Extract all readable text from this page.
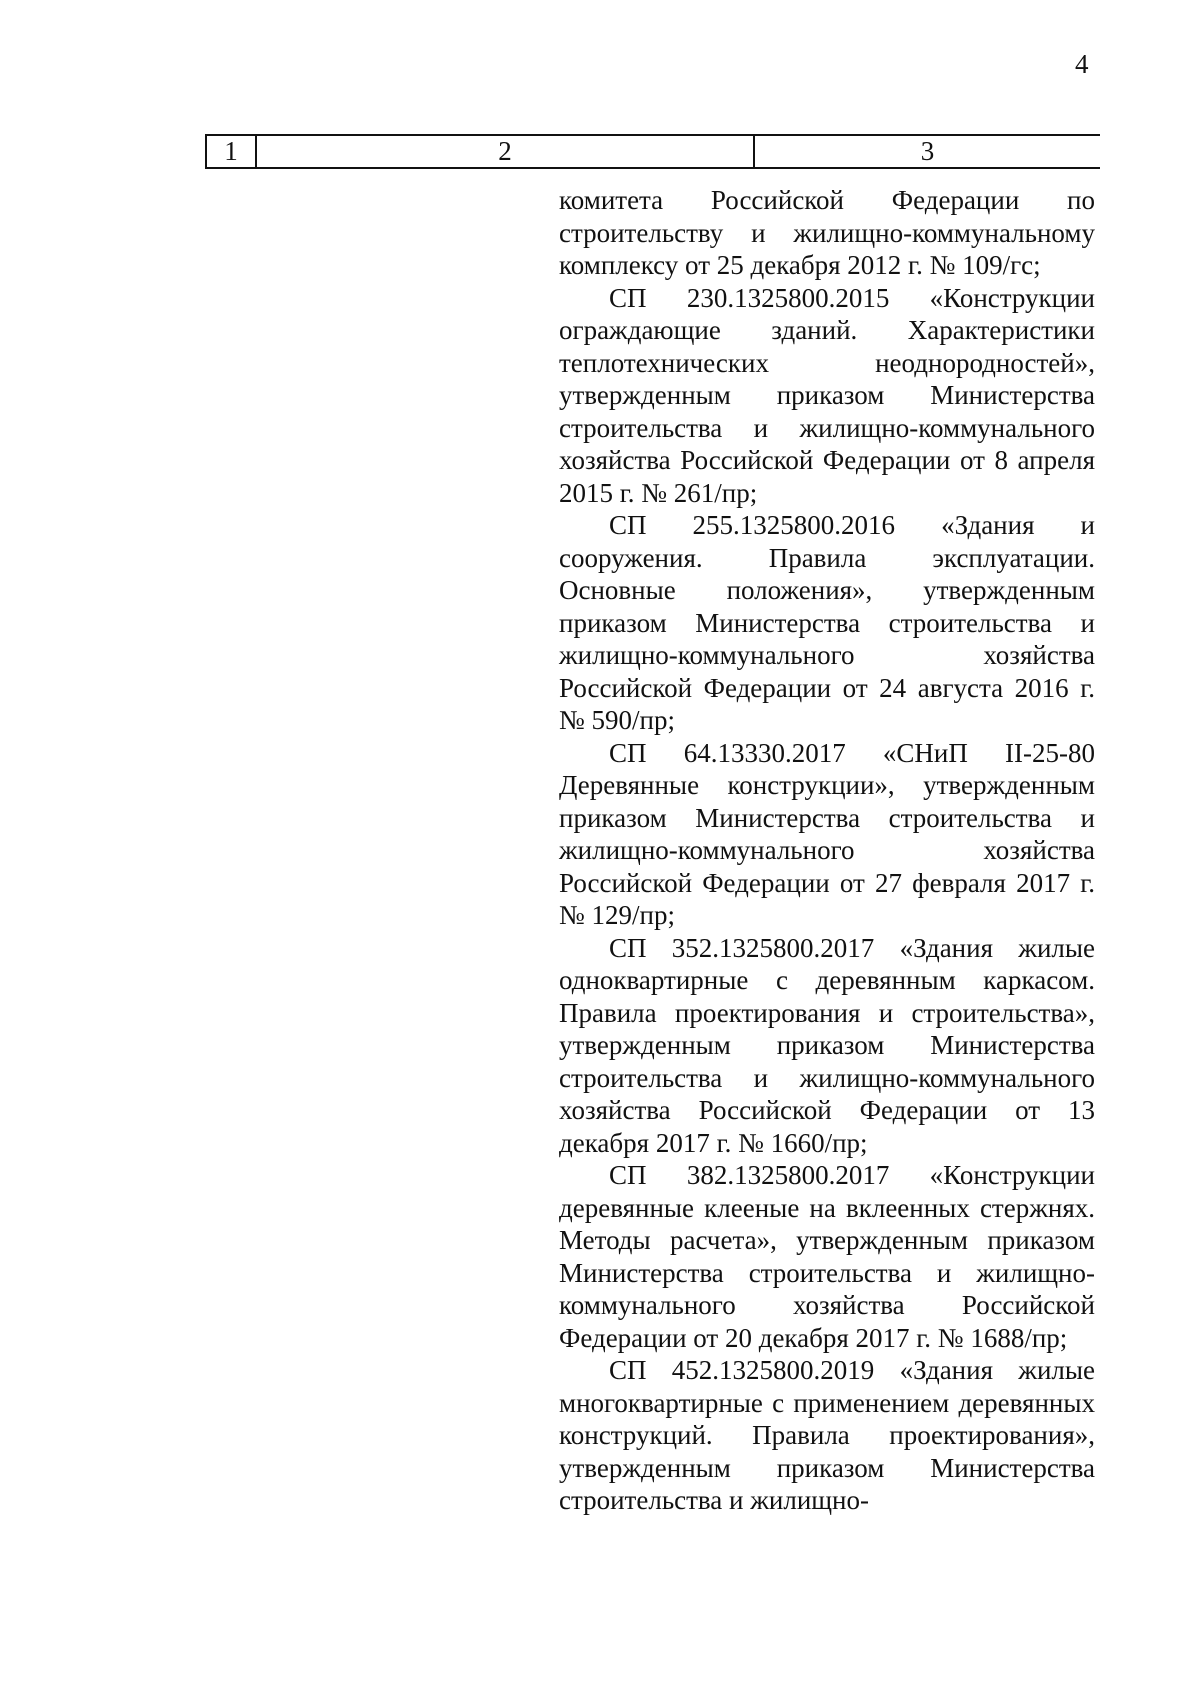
4
1	2	3

комитета Российской Федерации по строительству и жилищно-коммунальному комплексу от 25 декабря 2012 г. № 109/гс;

СП 230.1325800.2015 «Конструкции ограждающие зданий. Характеристики теплотехнических неоднородностей», утвержденным приказом Министерства строительства и жилищно-коммунального хозяйства Российской Федерации от 8 апреля 2015 г. № 261/пр;

СП 255.1325800.2016 «Здания и сооружения. Правила эксплуатации. Основные положения», утвержденным приказом Министерства строительства и жилищно-коммунального хозяйства Российской Федерации от 24 августа 2016 г. № 590/пр;

СП 64.13330.2017 «СНиП II-25-80 Деревянные конструкции», утвержденным приказом Министерства строительства и жилищно-коммунального хозяйства Российской Федерации от 27 февраля 2017 г. № 129/пр;

СП 352.1325800.2017 «Здания жилые одноквартирные с деревянным каркасом. Правила проектирования и строительства», утвержденным приказом Министерства строительства и жилищно-коммунального хозяйства Российской Федерации от 13 декабря 2017 г. № 1660/пр;

СП 382.1325800.2017 «Конструкции деревянные клееные на вклеенных стержнях. Методы расчета», утвержденным приказом Министерства строительства и жилищно-коммунального хозяйства Российской Федерации от 20 декабря 2017 г. № 1688/пр;

СП 452.1325800.2019 «Здания жилые многоквартирные с применением деревянных конструкций. Правила проектирования», утвержденным приказом Министерства строительства и жилищно-
